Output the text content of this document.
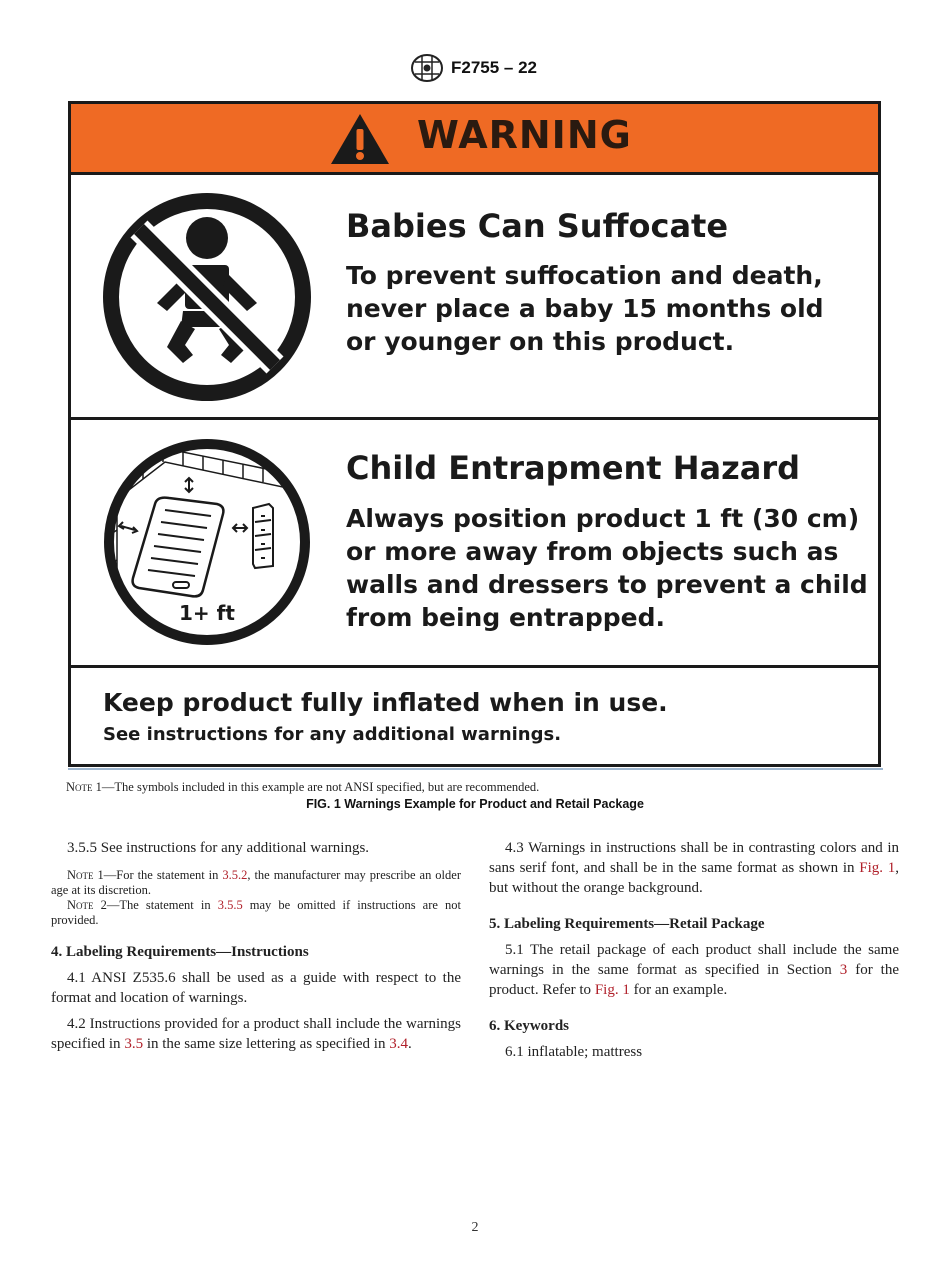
F2755 – 22
WARNING
Babies Can Suffocate
To prevent suffocation and death,
never place a baby 15 months old
or younger on this product.
1+ ft
Child Entrapment Hazard
Always position product 1 ft (30 cm)
or more away from objects such as
walls and dressers to prevent a child
from being entrapped.
Keep product fully inflated when in use.
See instructions for any additional warnings.
Note 1—The symbols included in this example are not ANSI specified, but are recommended.
FIG. 1 Warnings Example for Product and Retail Package

3.5.5 See instructions for any additional warnings.

Note 1—For the statement in 3.5.2, the manufacturer may prescribe an older age at its discretion.

Note 2—The statement in 3.5.5 may be omitted if instructions are not provided.

4. Labeling Requirements—Instructions

4.1 ANSI Z535.6 shall be used as a guide with respect to the format and location of warnings.

4.2 Instructions provided for a product shall include the warnings specified in 3.5 in the same size lettering as specified in 3.4.

4.3 Warnings in instructions shall be in contrasting colors and in sans serif font, and shall be in the same format as shown in Fig. 1, but without the orange background.

5. Labeling Requirements—Retail Package

5.1 The retail package of each product shall include the same warnings in the same format as specified in Section 3 for the product. Refer to Fig. 1 for an example.

6. Keywords

6.1 inflatable; mattress

2
